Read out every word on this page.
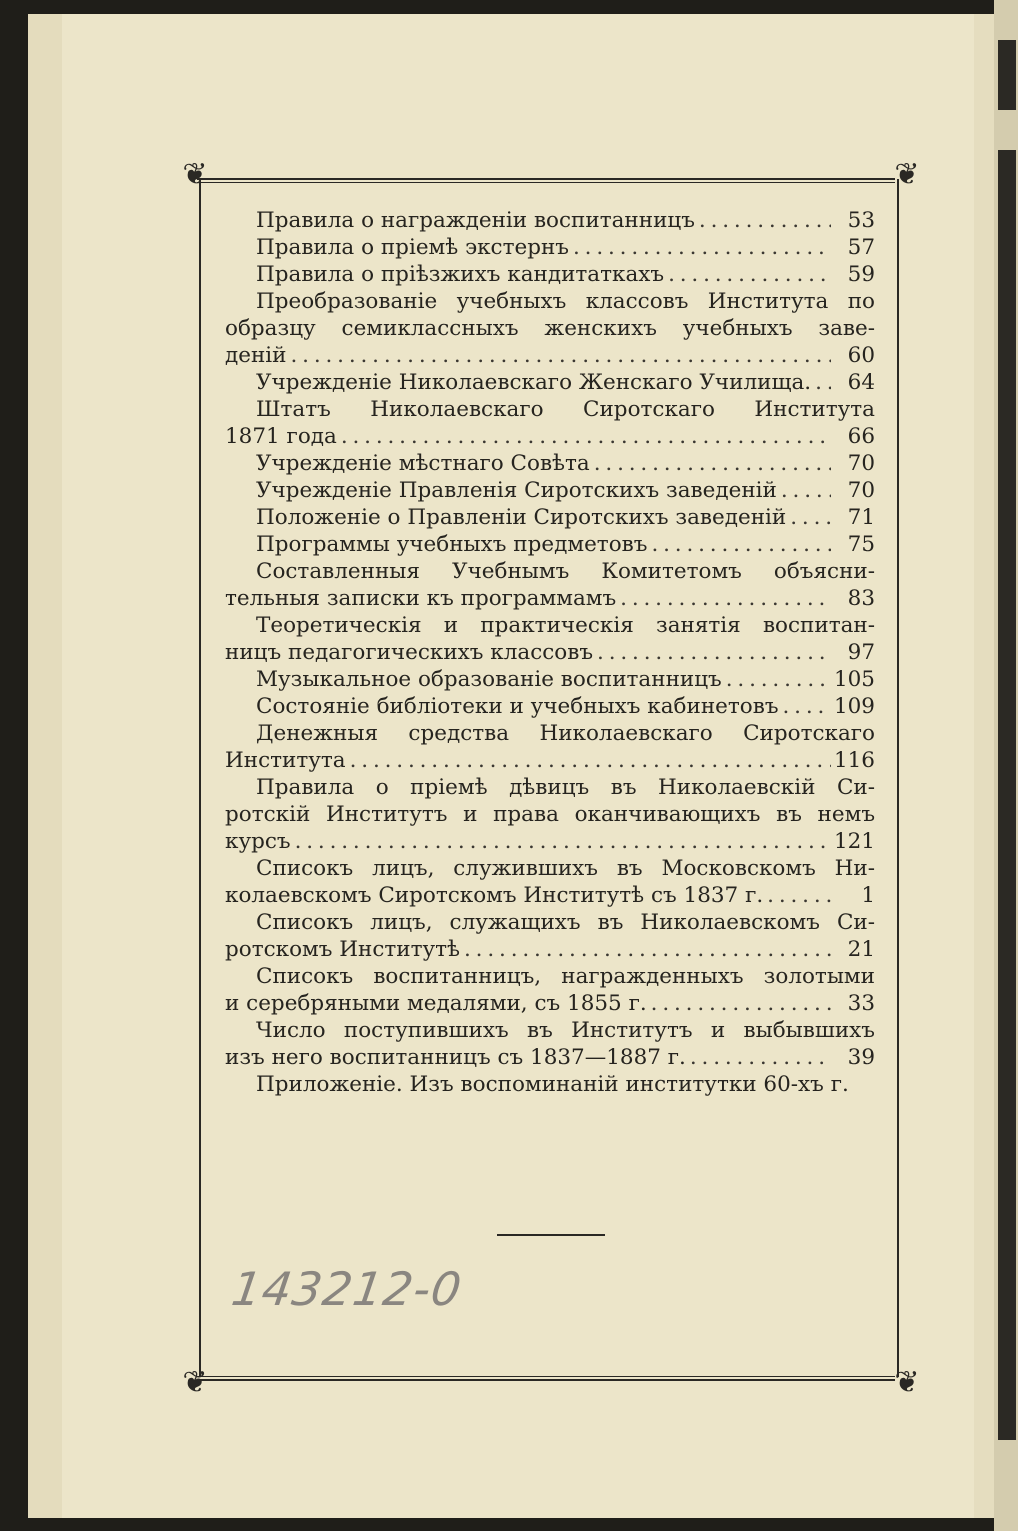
❦	❦
❦	❦
Правила о награжденіи воспитанницъ . . .	53
Правила о пріемѣ экстернъ . . .	57
Правила о пріѣзжихъ кандитаткахъ . . .	59
Преобразованіе учебныхъ классовъ Института по
образцу семиклассныхъ женскихъ учебныхъ заве-
деній . . .	60
Учрежденіе Николаевскаго Женскаго Училища. . . .	64
Штатъ Николаевскаго Сиротскаго Института
1871 года . . .	66
Учрежденіе мѣстнаго Совѣта . . .	70
Учрежденіе Правленія Сиротскихъ заведеній . . .	70
Положеніе о Правленіи Сиротскихъ заведеній . . .	71
Программы учебныхъ предметовъ . . .	75
Составленныя Учебнымъ Комитетомъ объясни-
тельныя записки къ программамъ . . .	83
Теоретическія и практическія занятія воспитан-
ницъ педагогическихъ классовъ . . .	97
Музыкальное образованіе воспитанницъ . . .	105
Состояніе библіотеки и учебныхъ кабинетовъ . . .	109
Денежныя средства Николаевскаго Сиротскаго
Института . . .	116
Правила о пріемѣ дѣвицъ въ Николаевскій Си-
ротскій Институтъ и права оканчивающихъ въ немъ
курсъ . . .	121
Списокъ лицъ, служившихъ въ Московскомъ Ни-
колаевскомъ Сиротскомъ Институтѣ съ 1837 г. . . .	1
Списокъ лицъ, служащихъ въ Николаевскомъ Си-
ротскомъ Институтѣ . . .	21
Списокъ воспитанницъ, награжденныхъ золотыми
и серебряными медалями, съ 1855 г. . . .	33
Число поступившихъ въ Институтъ и выбывшихъ
изъ него воспитанницъ съ 1837—1887 г. . . .	39
Приложеніе. Изъ воспоминаній институтки 60-хъ г.
143212-0
